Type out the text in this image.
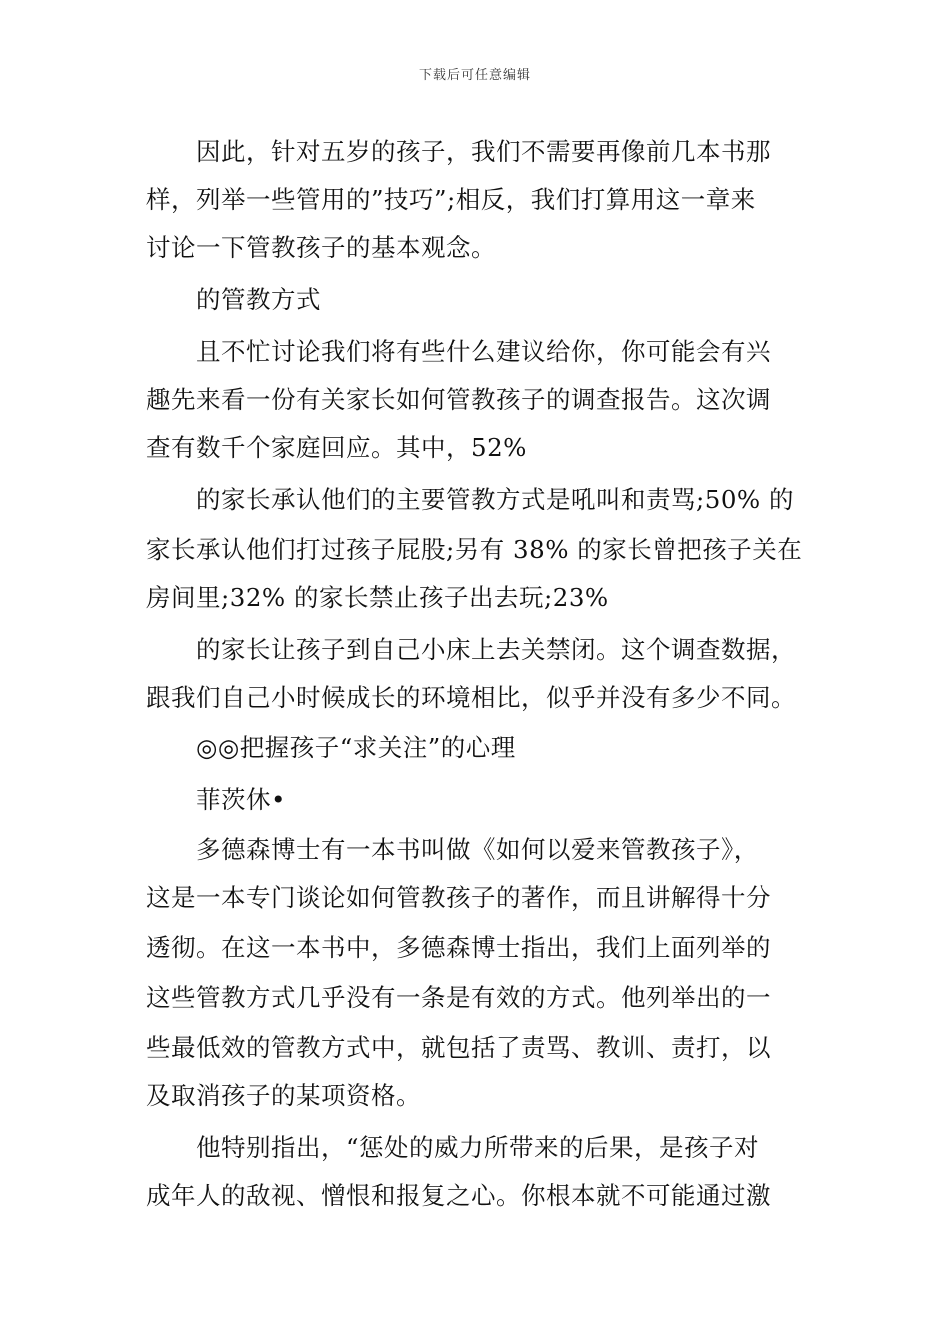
下载后可任意编辑
因此，针对五岁的孩子，我们不需要再像前几本书那
样，列举一些管用的”技巧”;相反，我们打算用这一章来
讨论一下管教孩子的基本观念。
的管教方式
且不忙讨论我们将有些什么建议给你，你可能会有兴
趣先来看一份有关家长如何管教孩子的调查报告。这次调
查有数千个家庭回应。其中，52%
的家长承认他们的主要管教方式是吼叫和责骂;50% 的
家长承认他们打过孩子屁股;另有 38% 的家长曾把孩子关在
房间里;32% 的家长禁止孩子出去玩;23%
的家长让孩子到自己小床上去关禁闭。这个调查数据，
跟我们自己小时候成长的环境相比，似乎并没有多少不同。
◎◎把握孩子“求关注”的心理
菲茨休•
多德森博士有一本书叫做《如何以爱来管教孩子》，
这是一本专门谈论如何管教孩子的著作，而且讲解得十分
透彻。在这一本书中，多德森博士指出，我们上面列举的
这些管教方式几乎没有一条是有效的方式。他列举出的一
些最低效的管教方式中，就包括了责骂、教训、责打，以
及取消孩子的某项资格。
他特别指出，“惩处的威力所带来的后果，是孩子对
成年人的敌视、憎恨和报复之心。你根本就不可能通过激
